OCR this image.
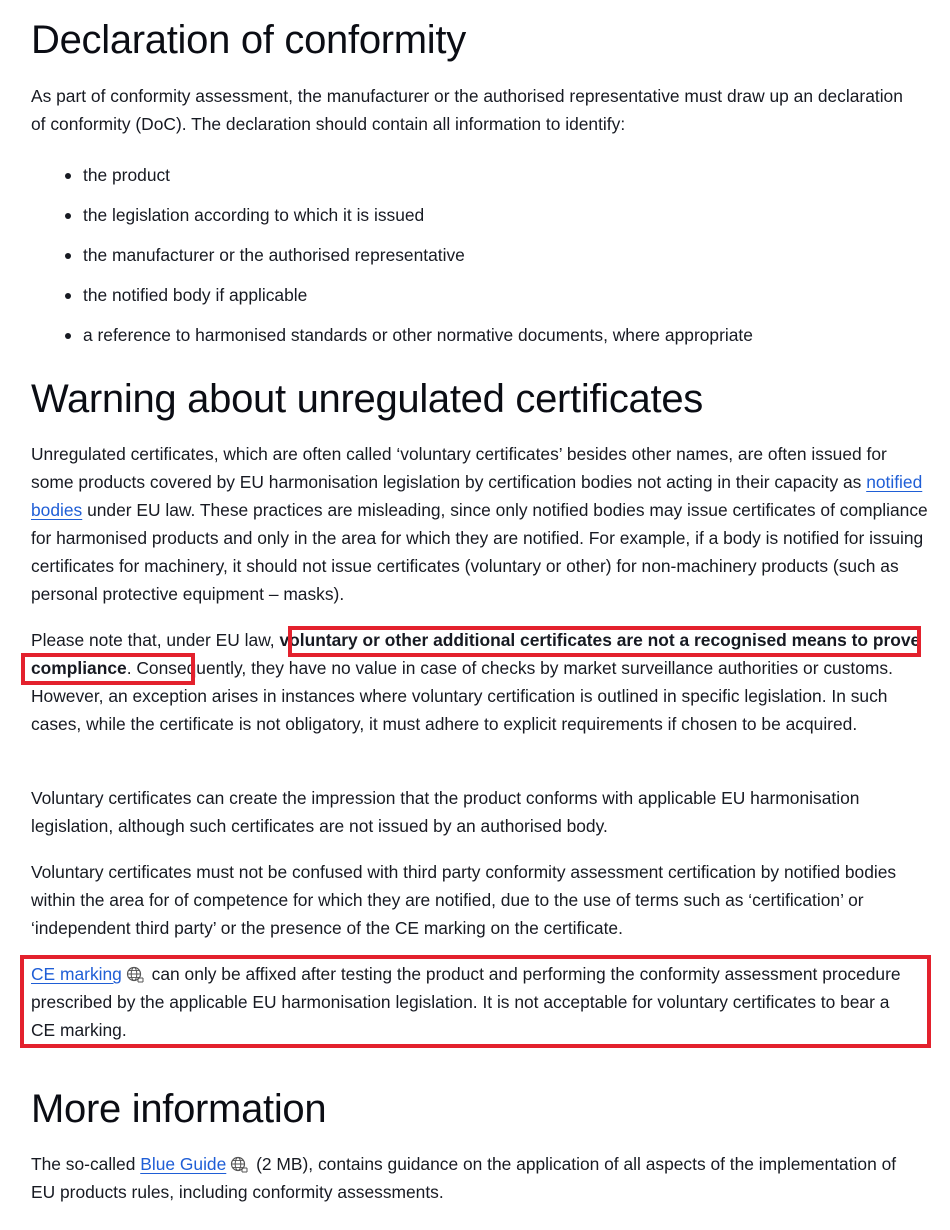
Declaration of conformity

As part of conformity assessment, the manufacturer or the authorised representative must draw up an declaration of conformity (DoC). The declaration should contain all information to identify:

the product
the legislation according to which it is issued
the manufacturer or the authorised representative
the notified body if applicable
a reference to harmonised standards or other normative documents, where appropriate
Warning about unregulated certificates

Unregulated certificates, which are often called ‘voluntary certificates’ besides other names, are often issued for some products covered by EU harmonisation legislation by certification bodies not acting in their capacity as notified bodies under EU law. These practices are misleading, since only notified bodies may issue certificates of compliance for harmonised products and only in the area for which they are notified. For example, if a body is notified for issuing certificates for machinery, it should not issue certificates (voluntary or other) for non-machinery products (such as personal protective equipment – masks).

Please note that, under EU law, voluntary or other additional certificates are not a recognised means to prove compliance. Consequently, they have no value in case of checks by market surveillance authorities or customs. However, an exception arises in instances where voluntary certification is outlined in specific legislation. In such cases, while the certificate is not obligatory, it must adhere to explicit requirements if chosen to be acquired.

Voluntary certificates can create the impression that the product conforms with applicable EU harmonisation legislation, although such certificates are not issued by an authorised body.

Voluntary certificates must not be confused with third party conformity assessment certification by notified bodies within the area for of competence for which they are notified, due to the use of terms such as ‘certification’ or ‘independent third party’ or the presence of the CE marking on the certificate.

CE marking can only be affixed after testing the product and performing the conformity assessment procedure prescribed by the applicable EU harmonisation legislation. It is not acceptable for voluntary certificates to bear a CE marking.

More information

The so-called Blue Guide (2 MB), contains guidance on the application of all aspects of the implementation of EU products rules, including conformity assessments.
